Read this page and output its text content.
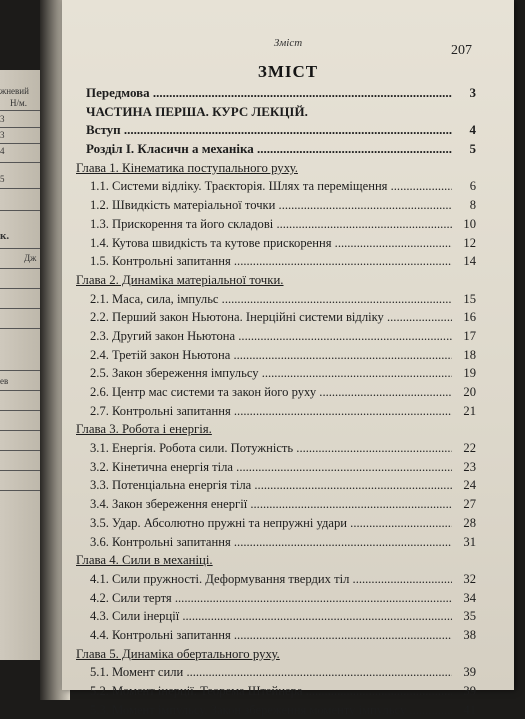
жневий
Н/м.
3
3
4
5
к.
Дж
ев
Зміст	207
ЗМІСТ
Передмова .....	3
ЧАСТИНА ПЕРША. КУРС ЛЕКЦІЙ.
Вступ .....	4
Розділ І. Класичн а механіка .....	5
Глава 1. Кінематика поступального руху.
1.1. Системи відліку. Траєкторія. Шлях та переміщення .....	6
1.2. Швидкість матеріальної точки .....	8
1.3. Прискорення та його складові .....	10
1.4. Кутова швидкість та кутове прискорення .....	12
1.5. Контрольні запитання .....	14
Глава 2. Динаміка матеріальної точки.
2.1. Маса, сила, імпульс .....	15
2.2. Перший закон Ньютона. Інерційні системи відліку .....	16
2.3. Другий закон Ньютона .....	17
2.4. Третій закон Ньютона .....	18
2.5. Закон збереження імпульсу .....	19
2.6. Центр мас системи та закон його руху .....	20
2.7. Контрольні запитання .....	21
Глава 3. Робота і енергія.
3.1. Енергія. Робота сили. Потужність .....	22
3.2. Кінетична енергія тіла .....	23
3.3. Потенціальна енергія тіла .....	24
3.4. Закон збереження енергії .....	27
3.5. Удар. Абсолютно пружні та непружні удари .....	28
3.6. Контрольні запитання .....	31
Глава 4. Сили в механіці.
4.1. Сили пружності. Деформування твердих тіл .....	32
4.2. Сили тертя .....	34
4.3. Сили інерції .....	35
4.4. Контрольні запитання .....	38
Глава 5. Динаміка обертального руху.
5.1. Момент сили .....	39
5.2. Момент інерції. Теорема Штейнера .....	39
5.3. Момент імпульсу. Закон збереження моменту імпульсу .....	41
